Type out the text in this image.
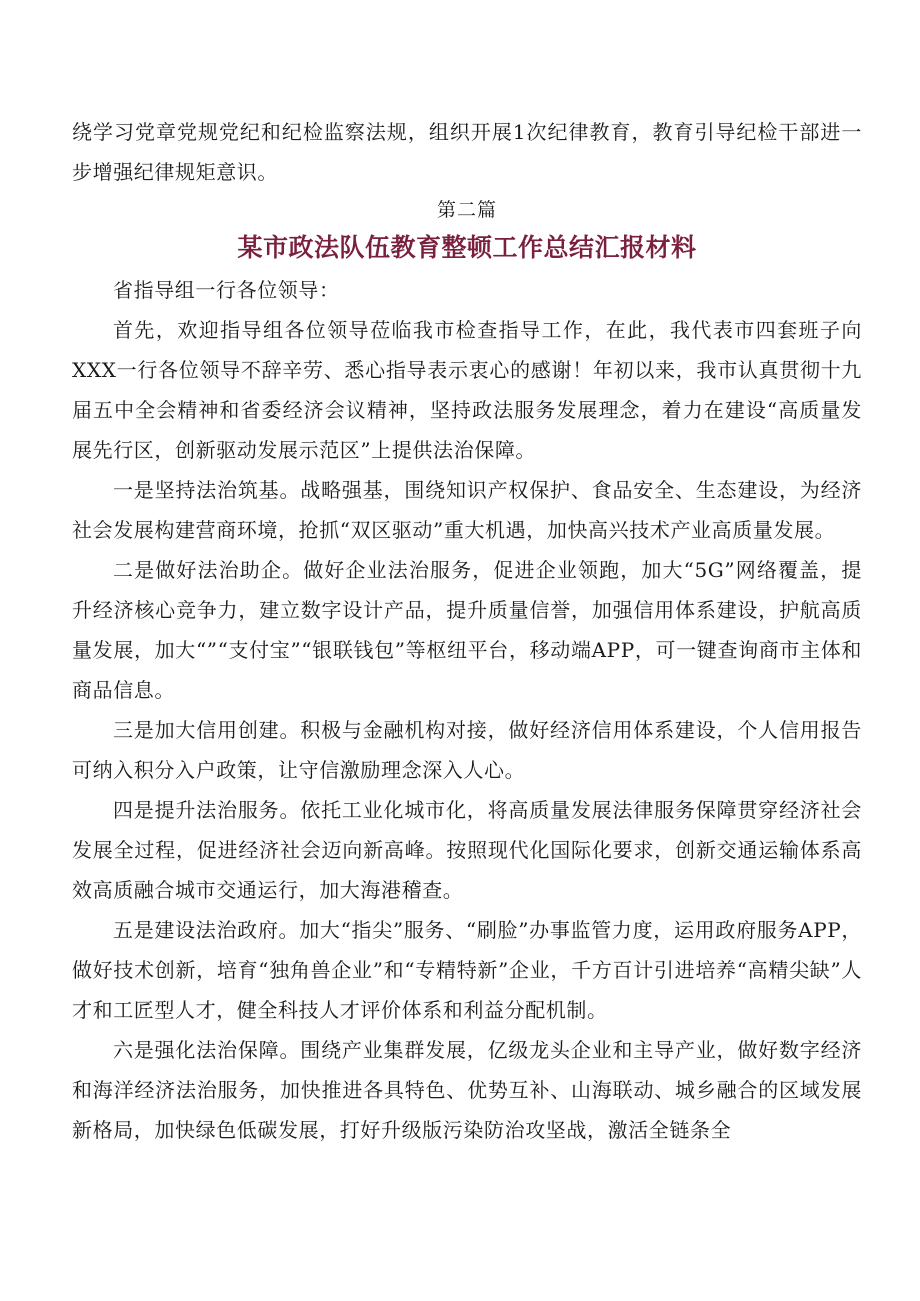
绕学习党章党规党纪和纪检监察法规，组织开展1次纪律教育，教育引导纪检干部进一步增强纪律规矩意识。

第二篇

某市政法队伍教育整顿工作总结汇报材料

省指导组一行各位领导：

首先，欢迎指导组各位领导莅临我市检查指导工作，在此，我代表市四套班子向XXX一行各位领导不辞辛劳、悉心指导表示衷心的感谢！年初以来，我市认真贯彻十九届五中全会精神和省委经济会议精神，坚持政法服务发展理念，着力在建设“高质量发展先行区，创新驱动发展示范区”上提供法治保障。

一是坚持法治筑基。战略强基，围绕知识产权保护、食品安全、生态建设，为经济社会发展构建营商环境，抢抓“双区驱动”重大机遇，加快高兴技术产业高质量发展。

二是做好法治助企。做好企业法治服务，促进企业领跑，加大“5G”网络覆盖，提升经济核心竞争力，建立数字设计产品，提升质量信誉，加强信用体系建设，护航高质量发展，加大“”“支付宝”“银联钱包”等枢纽平台，移动端APP，可一键查询商市主体和商品信息。

三是加大信用创建。积极与金融机构对接，做好经济信用体系建设，个人信用报告可纳入积分入户政策，让守信激励理念深入人心。

四是提升法治服务。依托工业化城市化，将高质量发展法律服务保障贯穿经济社会发展全过程，促进经济社会迈向新高峰。按照现代化国际化要求，创新交通运输体系高效高质融合城市交通运行，加大海港稽查。

五是建设法治政府。加大“指尖”服务、“刷脸”办事监管力度，运用政府服务APP，做好技术创新，培育“独角兽企业”和“专精特新”企业，千方百计引进培养“高精尖缺”人才和工匠型人才，健全科技人才评价体系和利益分配机制。

六是强化法治保障。围绕产业集群发展，亿级龙头企业和主导产业，做好数字经济和海洋经济法治服务，加快推进各具特色、优势互补、山海联动、城乡融合的区域发展新格局，加快绿色低碳发展，打好升级版污染防治攻坚战，激活全链条全
